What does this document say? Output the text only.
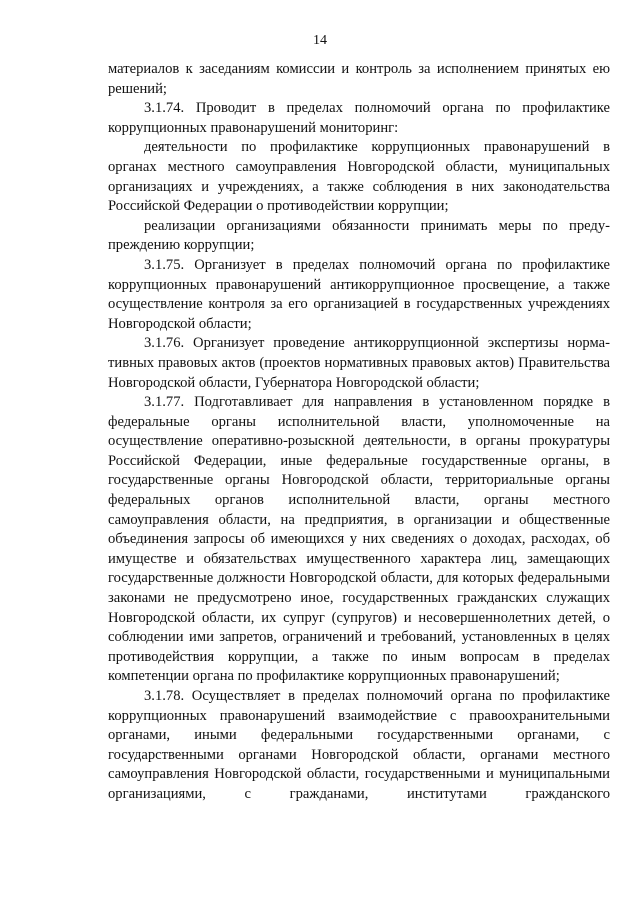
14

материалов к заседаниям комиссии и контроль за исполнением принятых ею решений;

3.1.74. Проводит в пределах полномочий органа по профилактике коррупционных правонарушений мониторинг:

деятельности по профилактике коррупционных правонарушений в органах местного самоуправления Новгородской области, муниципальных организациях и учреждениях, а также соблюдения в них законодательства Российской Федерации о противодействии коррупции;

реализации организациями обязанности принимать меры по предупреждению коррупции;

3.1.75. Организует в пределах полномочий органа по профилактике коррупционных правонарушений антикоррупционное просвещение, а также осуществление контроля за его организацией в государственных учреждениях Новгородской области;

3.1.76. Организует проведение антикоррупционной экспертизы нормативных правовых актов (проектов нормативных правовых актов) Правительства Новгородской области, Губернатора Новгородской области;

3.1.77. Подготавливает для направления в установленном порядке в федеральные органы исполнительной власти, уполномоченные на осуществление оперативно-розыскной деятельности, в органы прокуратуры Российской Федерации, иные федеральные государственные органы, в государственные органы Новгородской области, территориальные органы федеральных органов исполнительной власти, органы местного самоуправления области, на предприятия, в организации и общественные объединения запросы об имеющихся у них сведениях о доходах, расходах, об имуществе и обязательствах имущественного характера лиц, замещающих государственные должности Новгородской области, для которых федеральными законами не предусмотрено иное, государственных гражданских служащих Новгородской области, их супруг (супругов) и несовершеннолетних детей, о соблюдении ими запретов, ограничений и требований, установленных в целях противодействия коррупции, а также по иным вопросам в пределах компетенции органа по профилактике коррупционных правонарушений;

3.1.78. Осуществляет в пределах полномочий органа по профилактике коррупционных правонарушений взаимодействие с правоохранительными органами, иными федеральными государственными органами, с государственными органами Новгородской области, органами местного самоуправления Новгородской области, государственными и муниципальными организациями, с гражданами, институтами гражданского
